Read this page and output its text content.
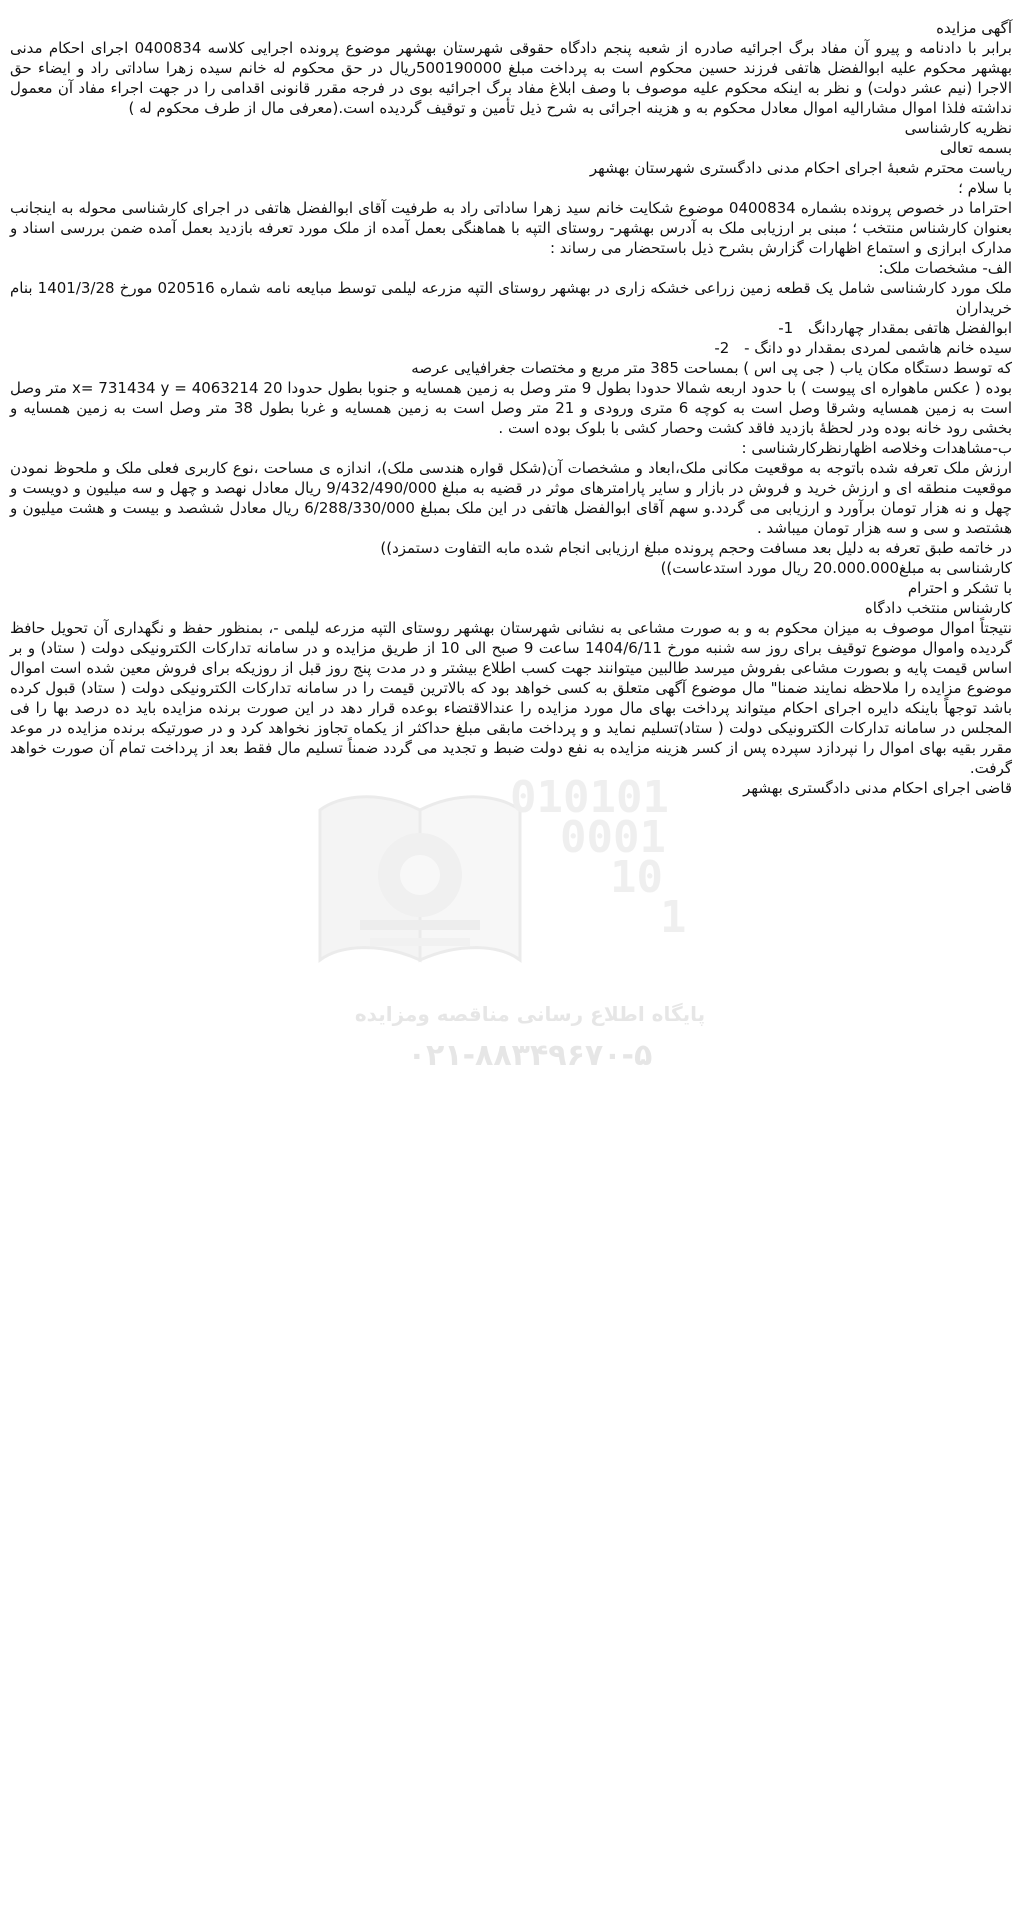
010101
0001
10
1
پایگاه اطلاع رسانی مناقصه ومزایده
۰۲۱-۸۸۳۴۹۶۷۰-۵

آگهی مزایده

برابر با دادنامه و پیرو آن مفاد برگ اجرائیه صادره از شعبه پنجم دادگاه حقوقی شهرستان بهشهر موضوع پرونده اجرایی کلاسه 0400834 اجرای احکام مدنی بهشهر محکوم علیه ابوالفضل هاتفی فرزند حسین محکوم است به پرداخت مبلغ 500190000ریال در حق محکوم له خانم سیده زهرا ساداتی راد و ایضاء حق الاجرا (نیم عشر دولت) و نظر به اینکه محکوم علیه موصوف با وصف ابلاغ مفاد برگ اجرائیه بوی در فرجه مقرر قانونی اقدامی را در جهت اجراء مفاد آن معمول نداشته فلذا اموال مشارالیه اموال معادل محکوم به و هزینه اجرائی به شرح ذیل تأمین و توقیف گردیده است.(معرفی مال از طرف محکوم له )

نظریه کارشناسی

بسمه تعالی

ریاست محترم شعبۀ اجرای احکام مدنی دادگستری شهرستان بهشهر

با سلام ؛

احتراما در خصوص پرونده بشماره 0400834 موضوع شکایت خانم سید زهرا ساداتی راد به طرفیت آقای ابوالفضل هاتفی در اجرای کارشناسی محوله به اینجانب بعنوان کارشناس منتخب ؛ مبنی بر ارزیابی ملک به آدرس بهشهر- روستای التپه با هماهنگی بعمل آمده از ملک مورد تعرفه بازدید بعمل آمده ضمن بررسی اسناد و مدارک ابرازی و استماع اظهارات گزارش بشرح ذیل باستحضار می رساند :

الف- مشخصات ملک:

ملک مورد کارشناسی شامل یک قطعه زمین زراعی خشکه زاری در بهشهر روستای التپه مزرعه لیلمی توسط مبایعه نامه شماره 020516 مورخ 1401/3/28 بنام خریداران

ابوالفضل هاتفی بمقدار چهاردانگ 1-

سیده خانم هاشمی لمردی بمقدار دو دانگ - 2-

که توسط دستگاه مکان یاب ( جی پی اس ) بمساحت 385 متر مربع و مختصات جغرافیایی عرصه

بوده ( عکس ماهواره ای پیوست ) با حدود اربعه شمالا حدودا بطول 9 متر وصل به زمین همسایه و جنوبا بطول حدودا x= 731434 y = 4063214 20 متر وصل است به زمین همسایه وشرقا وصل است به کوچه 6 متری ورودی و 21 متر وصل است به زمین همسایه و غربا بطول 38 متر وصل است به زمین همسایه و بخشی رود خانه بوده ودر لحظۀ بازدید فاقد کشت وحصار کشی با بلوک بوده است .

ب-مشاهدات وخلاصه اظهارنظرکارشناسی :

ارزش ملک تعرفه شده باتوجه به موقعیت مکانی ملک،ابعاد و مشخصات آن(شکل قواره هندسی ملک)، اندازه ی مساحت ،نوع کاربری فعلی ملک و ملحوظ نمودن موقعیت منطقه ای و ارزش خرید و فروش در بازار و سایر پارامترهای موثر در قضیه به مبلغ 9/432/490/000 ریال معادل نهصد و چهل و سه میلیون و دویست و چهل و نه هزار تومان برآورد و ارزیابی می گردد.و سهم آقای ابوالفضل هاتفی در این ملک بمبلغ 6/288/330/000 ریال معادل ششصد و بیست و هشت میلیون و هشتصد و سی و سه هزار تومان میباشد .

در خاتمه طبق تعرفه به دلیل بعد مسافت وحجم پرونده مبلغ ارزیابی انجام شده مابه التفاوت دستمزد))

کارشناسی به مبلغ20.000.000 ریال مورد استدعاست))

با تشکر و احترام

کارشناس منتخب دادگاه

نتیجتاً اموال موصوف به میزان محکوم به و به صورت مشاعی به نشانی شهرستان بهشهر روستای التپه مزرعه لیلمی -، بمنظور حفظ و نگهداری آن تحویل حافظ گردیده واموال موضوع توقیف برای روز سه شنبه مورخ 1404/6/11 ساعت 9 صبح الی 10 از طریق مزایده و در سامانه تدارکات الکترونیکی دولت ( ستاد) و بر اساس قیمت پایه و بصورت مشاعی بفروش میرسد طالبین میتوانند جهت کسب اطلاع بیشتر و در مدت پنج روز قبل از روزیکه برای فروش معین شده است اموال موضوع مزایده را ملاحظه نمایند ضمنا" مال موضوع آگهی متعلق به کسی خواهد بود که بالاترین قیمت را در سامانه تدارکات الکترونیکی دولت ( ستاد) قبول کرده باشد توجهاً باینکه دایره اجرای احکام میتواند پرداخت بهای مال مورد مزایده را عندالاقتضاء بوعده قرار دهد در این صورت برنده مزایده باید ده درصد بها را فی المجلس در سامانه تدارکات الکترونیکی دولت ( ستاد)تسلیم نماید و و پرداخت مابقی مبلغ حداکثر از یکماه تجاوز نخواهد کرد و در صورتیکه برنده مزایده در موعد مقرر بقیه بهای اموال را نپردازد سپرده پس از کسر هزینه مزایده به نفع دولت ضبط و تجدید می گردد ضمناً تسلیم مال فقط بعد از پرداخت تمام آن صورت خواهد گرفت.

قاضی اجرای احکام مدنی دادگستری بهشهر
